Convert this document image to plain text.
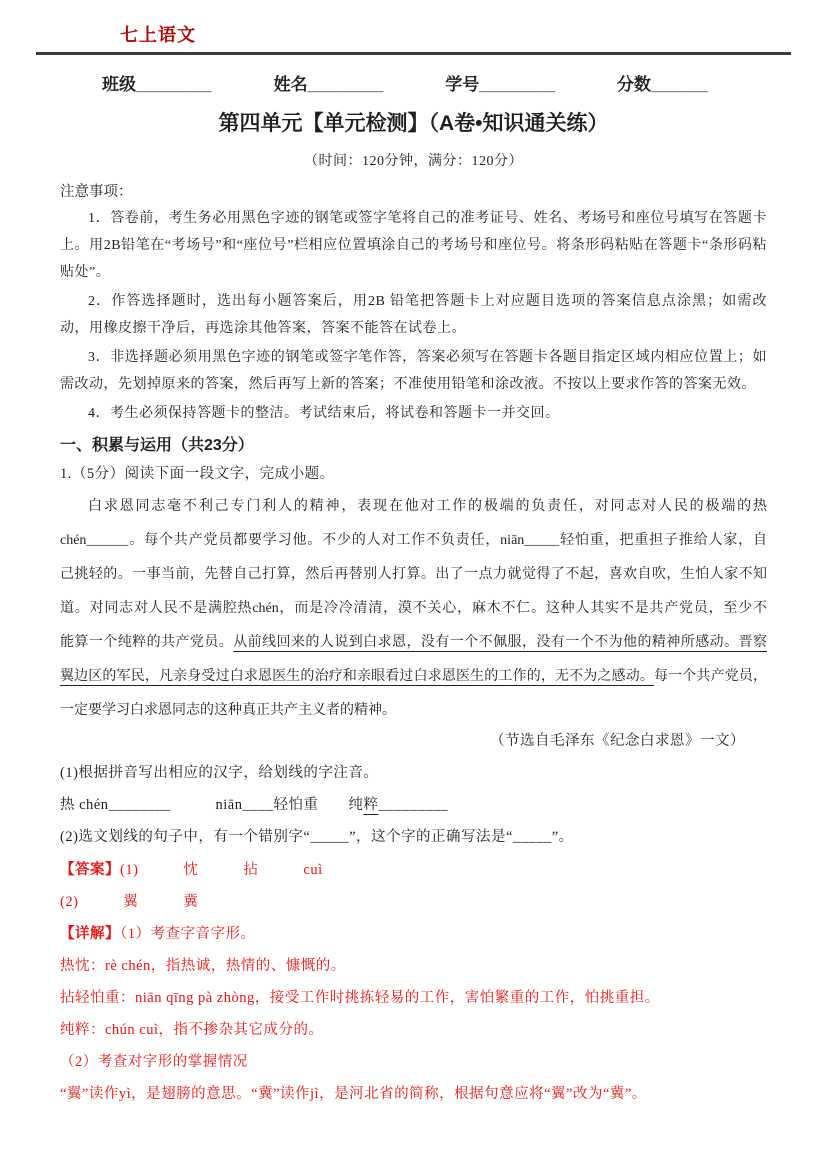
七上语文
班级________	姓名________	学号________	分数______
第四单元【单元检测】（A卷•知识通关练）
（时间：120分钟，满分：120分）
注意事项：

1．答卷前，考生务必用黑色字迹的钢笔或签字笔将自己的准考证号、姓名、考场号和座位号填写在答题卡上。用2B铅笔在“考场号”和“座位号”栏相应位置填涂自己的考场号和座位号。将条形码粘贴在答题卡“条形码粘贴处”。

2．作答选择题时，选出每小题答案后，用2B 铅笔把答题卡上对应题目选项的答案信息点涂黑；如需改动，用橡皮擦干净后，再选涂其他答案，答案不能答在试卷上。

3．非选择题必须用黑色字迹的钢笔或签字笔作答，答案必须写在答题卡各题目指定区域内相应位置上；如需改动，先划掉原来的答案，然后再写上新的答案；不准使用铅笔和涂改液。不按以上要求作答的答案无效。

4．考生必须保持答题卡的整洁。考试结束后，将试卷和答题卡一并交回。

一、积累与运用（共23分）

1.（5分）阅读下面一段文字，完成小题。

白求恩同志毫不利己专门利人的精神，表现在他对工作的极端的负责任，对同志对人民的极端的热
chén______。每个共产党员都要学习他。不少的人对工作不负责任，niān_____轻怕重，把重担子推给人家，自
己挑轻的。一事当前，先替自己打算，然后再替别人打算。出了一点力就觉得了不起，喜欢自吹，生怕人家不知
道。对同志对人民不是满腔热chén，而是冷冷清清，漠不关心，麻木不仁。这种人其实不是共产党员，至少不
能算一个纯粹的共产党员。从前线回来的人说到白求恩，没有一个不佩服，没有一个不为他的精神所感动。晋察
翼边区的军民，凡亲身受过白求恩医生的治疗和亲眼看过白求恩医生的工作的，无不为之感动。每一个共产党员，
一定要学习白求恩同志的这种真正共产主义者的精神。
（节选自毛泽东《纪念白求恩》一文）

(1)根据拼音写出相应的汉字，给划线的字注音。

热 chén________　　　niān____轻怕重　　纯粹_________

(2)选文划线的句子中，有一个错别字“_____”，这个字的正确写法是“_____”。

【答案】(1)　　　忱　　　拈　　　cuì
(2)　　　翼　　　冀
【详解】（1）考查字音字形。
热忱：rè chén，指热诚，热情的、慷慨的。
拈轻怕重：niān qīng pà zhòng，接受工作时挑拣轻易的工作，害怕繁重的工作，怕挑重担。
纯粹：chún cuì，指不掺杂其它成分的。
（2）考查对字形的掌握情况
“翼”读作yì，是翅膀的意思。“冀”读作jì，是河北省的简称，根据句意应将“翼”改为“冀”。
